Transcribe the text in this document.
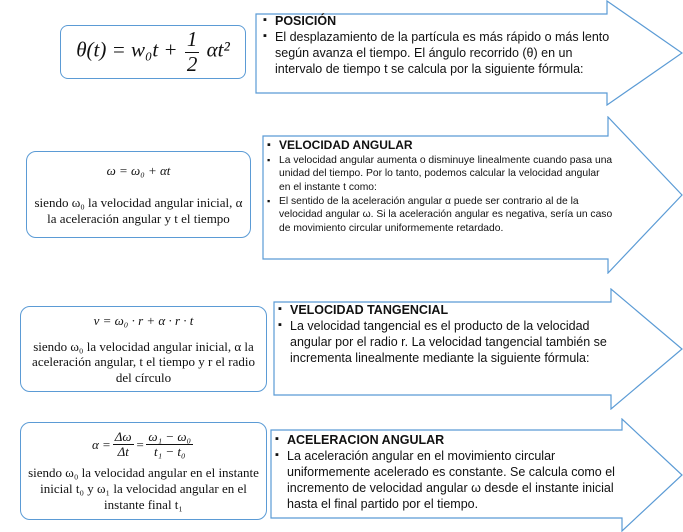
$\theta(t) = w_0t + \frac{1}{2} \alpha t^2$
▪ POSICIÓN
▪ El desplazamiento de la partícula es más rápido o más lento según avanza el tiempo. El ángulo recorrido (θ) en un intervalo de tiempo t se calcula por la siguiente fórmula:
ω = ω₀ + αt
siendo ω₀ la velocidad angular inicial, α la aceleración angular y t el tiempo
▪ VELOCIDAD ANGULAR
▪ La velocidad angular aumenta o disminuye linealmente cuando pasa una unidad del tiempo. Por lo tanto, podemos calcular la velocidad angular en el instante t como:
▪ El sentido de la aceleración angular α puede ser contrario al de la velocidad angular ω. Si la aceleración angular es negativa, sería un caso de movimiento circular uniformemente retardado.
v = ω₀ · r + α · r · t
siendo ω₀ la velocidad angular inicial, α la aceleración angular, t el tiempo y r el radio del círculo
▪ VELOCIDAD TANGENCIAL
▪ La velocidad tangencial es el producto de la velocidad angular por el radio r. La velocidad tangencial también se incrementa linealmente mediante la siguiente fórmula:
$\alpha = \frac{\Delta\omega}{\Delta t} = \frac{\text{ω₁ − ω₀}}{\text{t₁ − t₀}}$
siendo ω₀ la velocidad angular en el instante inicial t₀ y ω₁ la velocidad angular en el instante final t₁
▪ ACELERACION ANGULAR
▪ La aceleración angular en el movimiento circular uniformemente acelerado es constante. Se calcula como el incremento de velocidad angular ω desde el instante inicial hasta el final partido por el tiempo.
